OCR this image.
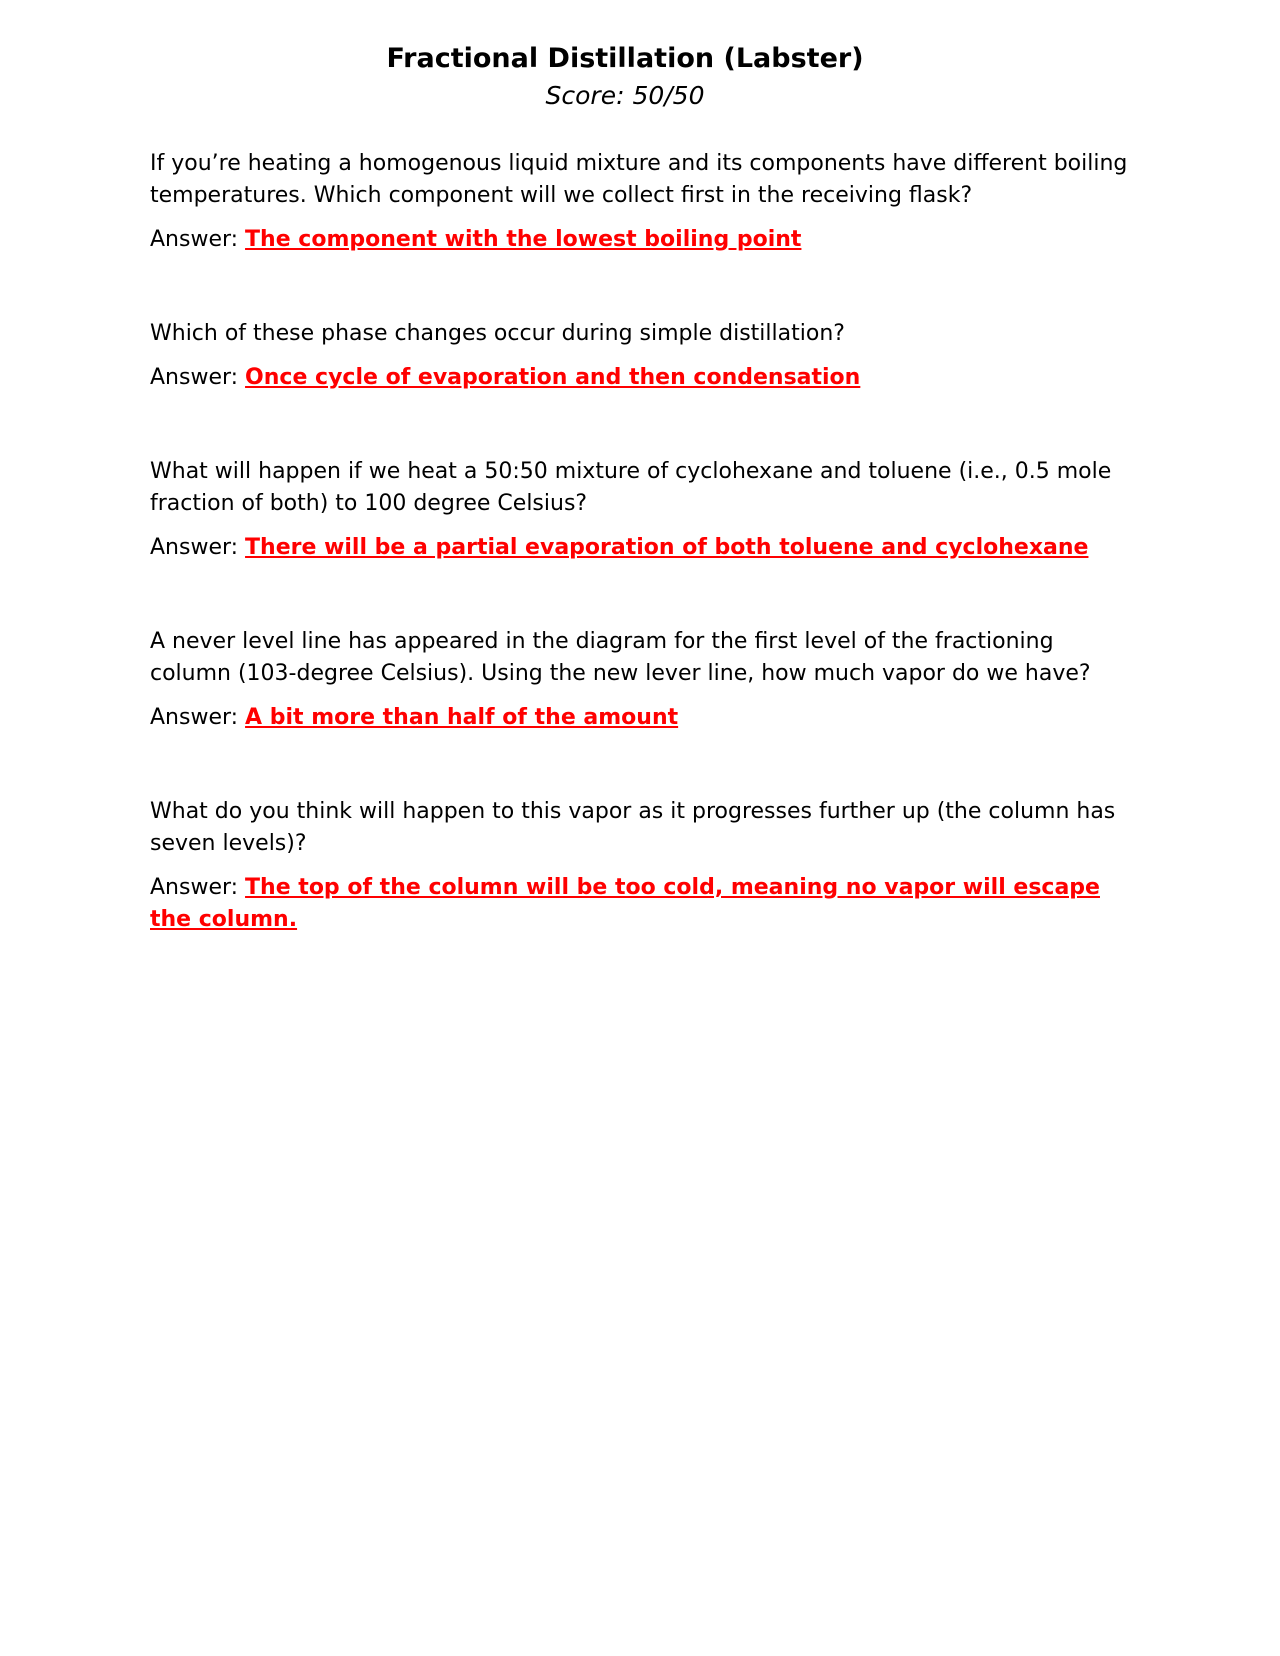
Fractional Distillation (Labster)

Score: 50/50

If you’re heating a homogenous liquid mixture and its components have different boiling temperatures. Which component will we collect first in the receiving flask?

Answer: The component with the lowest boiling point

Which of these phase changes occur during simple distillation?

Answer: Once cycle of evaporation and then condensation

What will happen if we heat a 50:50 mixture of cyclohexane and toluene (i.e., 0.5 mole fraction of both) to 100 degree Celsius?

Answer: There will be a partial evaporation of both toluene and cyclohexane

A never level line has appeared in the diagram for the first level of the fractioning column (103-degree Celsius). Using the new lever line, how much vapor do we have?

Answer: A bit more than half of the amount

What do you think will happen to this vapor as it progresses further up (the column has seven levels)?

Answer: The top of the column will be too cold, meaning no vapor will escape the column.
